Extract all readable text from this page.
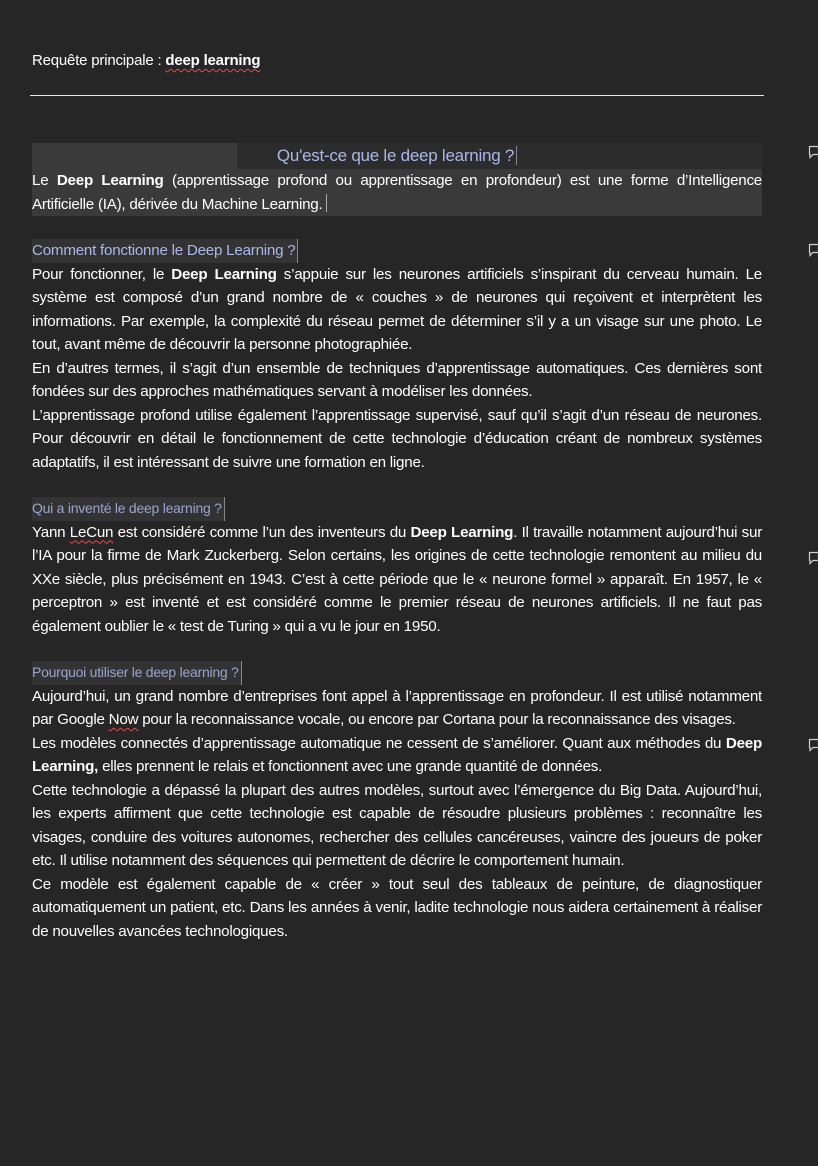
Requête principale : deep learning
Qu'est-ce que le deep learning ?

Le Deep Learning (apprentissage profond ou apprentissage en profondeur) est une forme d’Intelligence Artificielle (IA), dérivée du Machine Learning.

Comment fonctionne le Deep Learning ?

Pour fonctionner, le Deep Learning s’appuie sur les neurones artificiels s’inspirant du cerveau humain. Le système est composé d’un grand nombre de « couches » de neurones qui reçoivent et interprètent les informations. Par exemple, la complexité du réseau permet de déterminer s’il y a un visage sur une photo. Le tout, avant même de découvrir la personne photographiée.

En d’autres termes, il s’agit d’un ensemble de techniques d’apprentissage automatiques. Ces dernières sont fondées sur des approches mathématiques servant à modéliser les données.

L’apprentissage profond utilise également l’apprentissage supervisé, sauf qu’il s’agit d’un réseau de neurones. Pour découvrir en détail le fonctionnement de cette technologie d’éducation créant de nombreux systèmes adaptatifs, il est intéressant de suivre une formation en ligne.

Qui a inventé le deep learning ?

Yann LeCun est considéré comme l’un des inventeurs du Deep Learning. Il travaille notamment aujourd’hui sur l’IA pour la firme de Mark Zuckerberg. Selon certains, les origines de cette technologie remontent au milieu du XXe siècle, plus précisément en 1943. C’est à cette période que le « neurone formel » apparaît. En 1957, le « perceptron » est inventé et est considéré comme le premier réseau de neurones artificiels. Il ne faut pas également oublier le « test de Turing » qui a vu le jour en 1950.

Pourquoi utiliser le deep learning ?

Aujourd’hui, un grand nombre d’entreprises font appel à l’apprentissage en profondeur. Il est utilisé notamment par Google Now pour la reconnaissance vocale, ou encore par Cortana pour la reconnaissance des visages.

Les modèles connectés d’apprentissage automatique ne cessent de s’améliorer. Quant aux méthodes du Deep Learning, elles prennent le relais et fonctionnent avec une grande quantité de données.

Cette technologie a dépassé la plupart des autres modèles, surtout avec l’émergence du Big Data. Aujourd’hui, les experts affirment que cette technologie est capable de résoudre plusieurs problèmes : reconnaître les visages, conduire des voitures autonomes, rechercher des cellules cancéreuses, vaincre des joueurs de poker etc. Il utilise notamment des séquences qui permettent de décrire le comportement humain.

Ce modèle est également capable de « créer » tout seul des tableaux de peinture, de diagnostiquer automatiquement un patient, etc. Dans les années à venir, ladite technologie nous aidera certainement à réaliser de nouvelles avancées technologiques.
